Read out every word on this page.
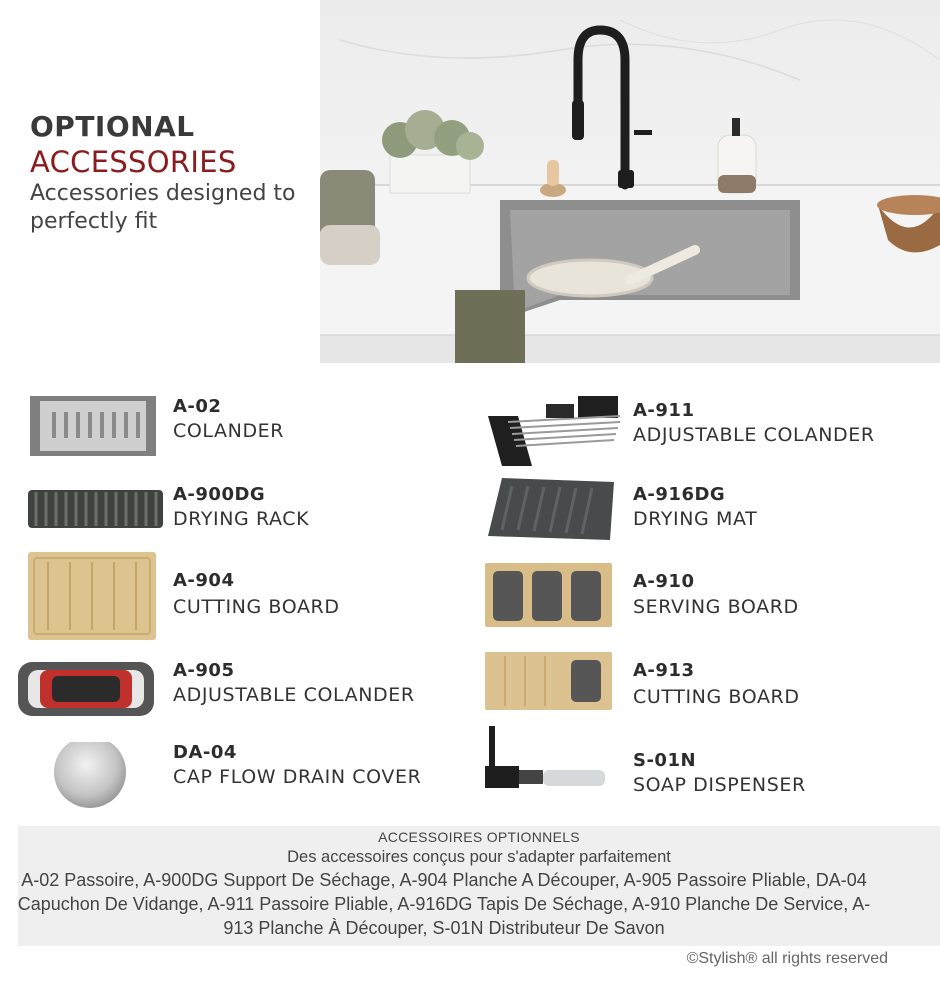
OPTIONAL
ACCESSORIES
Accessories designed to perfectly fit
A-02
COLANDER
A-900DG
DRYING RACK
A-904
CUTTING BOARD
A-905
ADJUSTABLE COLANDER
DA-04
CAP FLOW DRAIN COVER
A-911
ADJUSTABLE COLANDER
A-916DG
DRYING MAT
A-910
SERVING BOARD
A-913
CUTTING BOARD
S-01N
SOAP DISPENSER
ACCESSOIRES OPTIONNELS
Des accessoires conçus pour s'adapter parfaitement
A-02 Passoire, A-900DG Support De Séchage, A-904 Planche A Découper, A-905 Passoire Pliable, DA-04 Capuchon De Vidange, A-911 Passoire Pliable, A-916DG Tapis De Séchage, A-910 Planche De Service, A-913 Planche À Découper, S-01N Distributeur De Savon
©Stylish® all rights reserved
